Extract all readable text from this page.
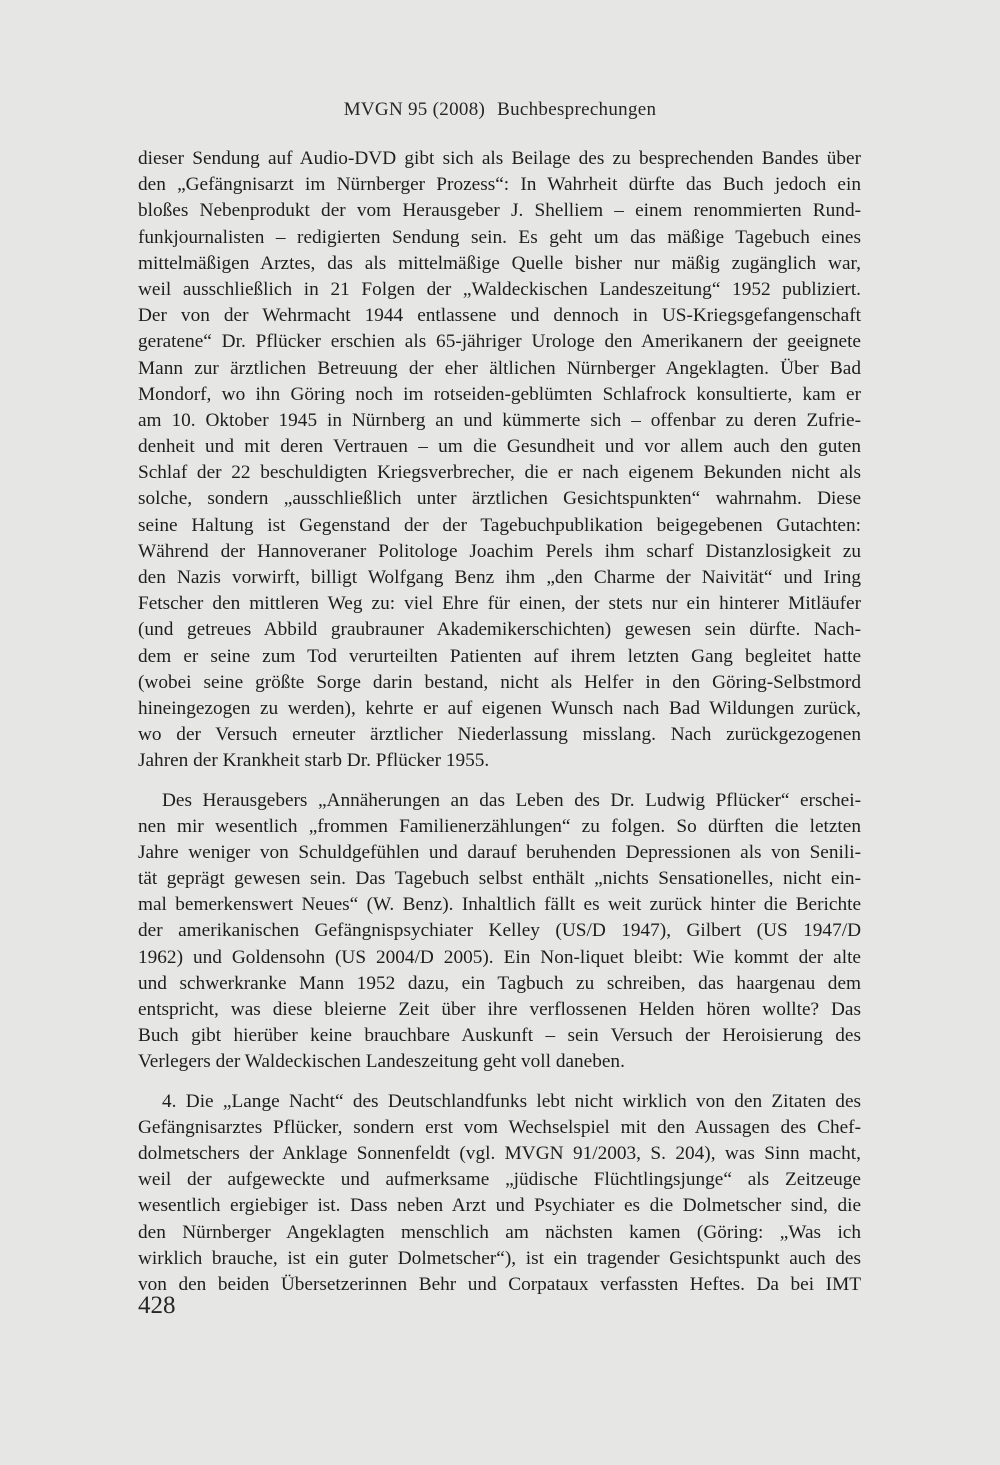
MVGN 95 (2008) Buchbesprechungen
dieser Sendung auf Audio-DVD gibt sich als Beilage des zu besprechenden Bandes über
den „Gefängnisarzt im Nürnberger Prozess“: In Wahrheit dürfte das Buch jedoch ein
bloßes Nebenprodukt der vom Herausgeber J. Shelliem – einem renommierten Rund-
funkjournalisten – redigierten Sendung sein. Es geht um das mäßige Tagebuch eines
mittelmäßigen Arztes, das als mittelmäßige Quelle bisher nur mäßig zugänglich war,
weil ausschließlich in 21 Folgen der „Waldeckischen Landeszeitung“ 1952 publiziert.
Der von der Wehrmacht 1944 entlassene und dennoch in US-Kriegsgefangenschaft
geratene“ Dr. Pflücker erschien als 65-jähriger Urologe den Amerikanern der geeignete
Mann zur ärztlichen Betreuung der eher ältlichen Nürnberger Angeklagten. Über Bad
Mondorf, wo ihn Göring noch im rotseiden-geblümten Schlafrock konsultierte, kam er
am 10. Oktober 1945 in Nürnberg an und kümmerte sich – offenbar zu deren Zufrie-
denheit und mit deren Vertrauen – um die Gesundheit und vor allem auch den guten
Schlaf der 22 beschuldigten Kriegsverbrecher, die er nach eigenem Bekunden nicht als
solche, sondern „ausschließlich unter ärztlichen Gesichtspunkten“ wahrnahm. Diese
seine Haltung ist Gegenstand der der Tagebuchpublikation beigegebenen Gutachten:
Während der Hannoveraner Politologe Joachim Perels ihm scharf Distanzlosigkeit zu
den Nazis vorwirft, billigt Wolfgang Benz ihm „den Charme der Naivität“ und Iring
Fetscher den mittleren Weg zu: viel Ehre für einen, der stets nur ein hinterer Mitläufer
(und getreues Abbild graubrauner Akademikerschichten) gewesen sein dürfte. Nach-
dem er seine zum Tod verurteilten Patienten auf ihrem letzten Gang begleitet hatte
(wobei seine größte Sorge darin bestand, nicht als Helfer in den Göring-Selbstmord
hineingezogen zu werden), kehrte er auf eigenen Wunsch nach Bad Wildungen zurück,
wo der Versuch erneuter ärztlicher Niederlassung misslang. Nach zurückgezogenen
Jahren der Krankheit starb Dr. Pflücker 1955.
Des Herausgebers „Annäherungen an das Leben des Dr. Ludwig Pflücker“ erschei-
nen mir wesentlich „frommen Familienerzählungen“ zu folgen. So dürften die letzten
Jahre weniger von Schuldgefühlen und darauf beruhenden Depressionen als von Senili-
tät geprägt gewesen sein. Das Tagebuch selbst enthält „nichts Sensationelles, nicht ein-
mal bemerkenswert Neues“ (W. Benz). Inhaltlich fällt es weit zurück hinter die Berichte
der amerikanischen Gefängnispsychiater Kelley (US/D 1947), Gilbert (US 1947/D
1962) und Goldensohn (US 2004/D 2005). Ein Non-liquet bleibt: Wie kommt der alte
und schwerkranke Mann 1952 dazu, ein Tagbuch zu schreiben, das haargenau dem
entspricht, was diese bleierne Zeit über ihre verflossenen Helden hören wollte? Das
Buch gibt hierüber keine brauchbare Auskunft – sein Versuch der Heroisierung des
Verlegers der Waldeckischen Landeszeitung geht voll daneben.
4. Die „Lange Nacht“ des Deutschlandfunks lebt nicht wirklich von den Zitaten des
Gefängnisarztes Pflücker, sondern erst vom Wechselspiel mit den Aussagen des Chef-
dolmetschers der Anklage Sonnenfeldt (vgl. MVGN 91/2003, S. 204), was Sinn macht,
weil der aufgeweckte und aufmerksame „jüdische Flüchtlingsjunge“ als Zeitzeuge
wesentlich ergiebiger ist. Dass neben Arzt und Psychiater es die Dolmetscher sind, die
den Nürnberger Angeklagten menschlich am nächsten kamen (Göring: „Was ich
wirklich brauche, ist ein guter Dolmetscher“), ist ein tragender Gesichtspunkt auch des
von den beiden Übersetzerinnen Behr und Corpataux verfassten Heftes. Da bei IMT
428
